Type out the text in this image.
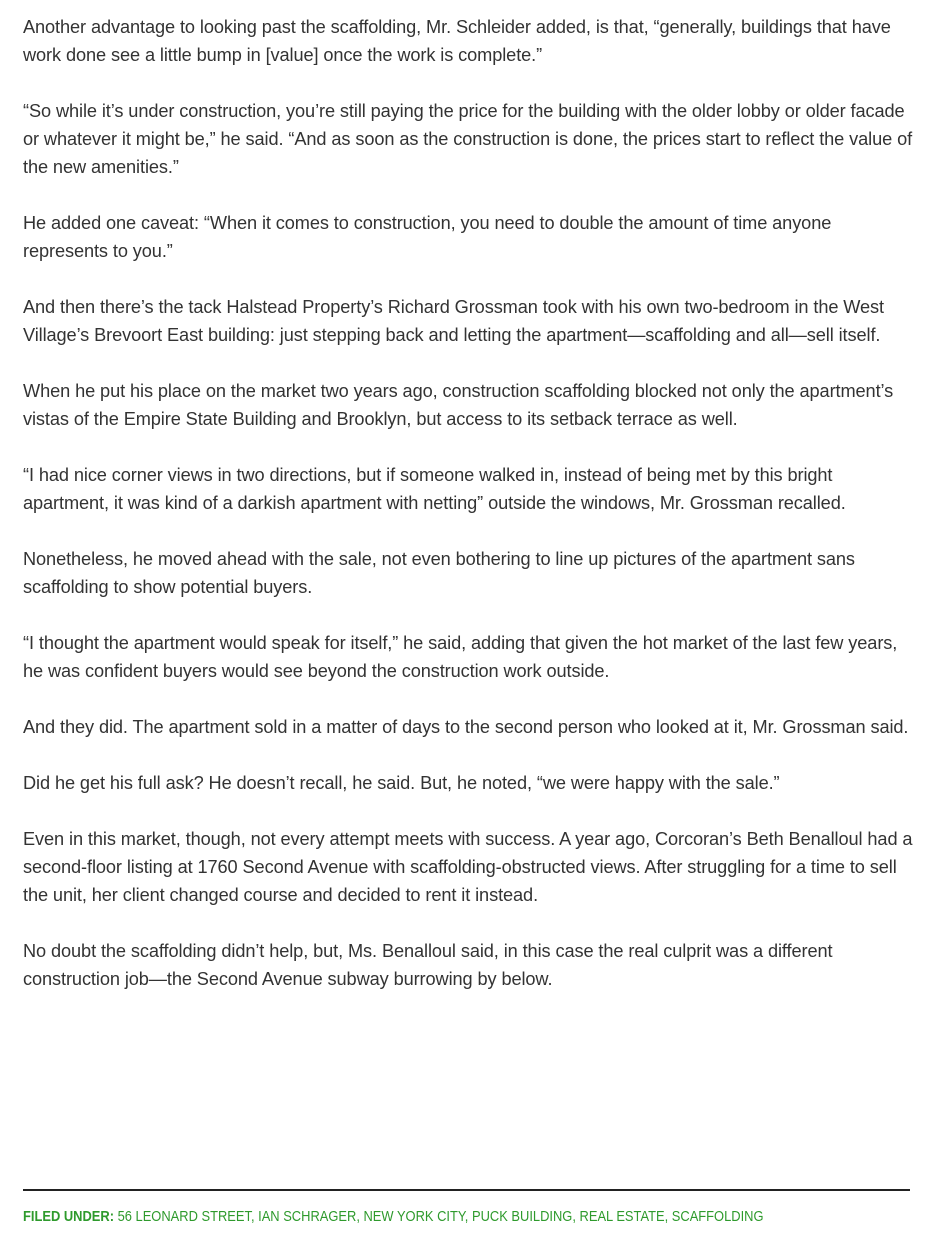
Another advantage to looking past the scaffolding, Mr. Schleider added, is that, “generally, buildings that have work done see a little bump in [value] once the work is complete.”

“So while it’s under construction, you’re still paying the price for the building with the older lobby or older facade or whatever it might be,” he said. “And as soon as the construction is done, the prices start to reflect the value of the new amenities.”

He added one caveat: “When it comes to construction, you need to double the amount of time anyone represents to you.”

And then there’s the tack Halstead Property’s Richard Grossman took with his own two-bedroom in the West Village’s Brevoort East building: just stepping back and letting the apartment—scaffolding and all—sell itself.

When he put his place on the market two years ago, construction scaffolding blocked not only the apartment’s vistas of the Empire State Building and Brooklyn, but access to its setback terrace as well.

“I had nice corner views in two directions, but if someone walked in, instead of being met by this bright apartment, it was kind of a darkish apartment with netting” outside the windows, Mr. Grossman recalled.

Nonetheless, he moved ahead with the sale, not even bothering to line up pictures of the apartment sans scaffolding to show potential buyers.

“I thought the apartment would speak for itself,” he said, adding that given the hot market of the last few years, he was confident buyers would see beyond the construction work outside.

And they did. The apartment sold in a matter of days to the second person who looked at it, Mr. Grossman said.

Did he get his full ask? He doesn’t recall, he said. But, he noted, “we were happy with the sale.”

Even in this market, though, not every attempt meets with success. A year ago, Corcoran’s Beth Benalloul had a second-floor listing at 1760 Second Avenue with scaffolding-obstructed views. After struggling for a time to sell the unit, her client changed course and decided to rent it instead.

No doubt the scaffolding didn’t help, but, Ms. Benalloul said, in this case the real culprit was a different construction job—the Second Avenue subway burrowing by below.

FILED UNDER: 56 LEONARD STREET, IAN SCHRAGER, NEW YORK CITY, PUCK BUILDING, REAL ESTATE, SCAFFOLDING
